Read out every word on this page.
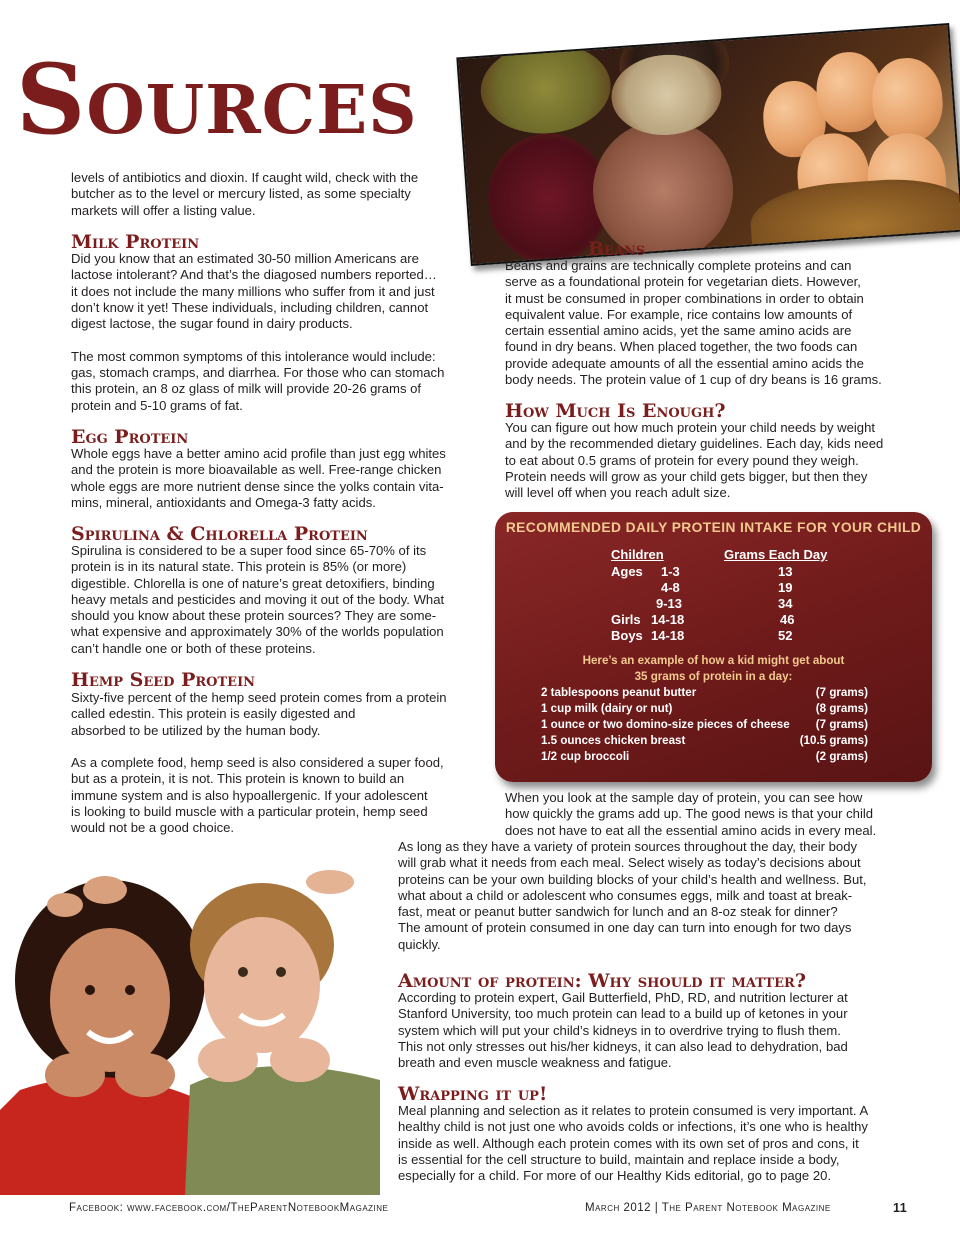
Sources
levels of antibiotics and dioxin. If caught wild, check with the
butcher as to the level or mercury listed, as some specialty
markets will offer a listing value.
Milk Protein
Did you know that an estimated 30-50 million Americans are
lactose intolerant? And that’s the diagosed numbers reported…
it does not include the many millions who suffer from it and just
don’t know it yet! These individuals, including children, cannot
digest lactose, the sugar found in dairy products.

The most common symptoms of this intolerance would include:
gas, stomach cramps, and diarrhea. For those who can stomach
this protein, an 8 oz glass of milk will provide 20-26 grams of
protein and 5-10 grams of fat.
Egg Protein
Whole eggs have a better amino acid profile than just egg whites
and the protein is more bioavailable as well. Free-range chicken
whole eggs are more nutrient dense since the yolks contain vita-
mins, mineral, antioxidants and Omega-3 fatty acids.
Spirulina & Chlorella Protein
Spirulina is considered to be a super food since 65-70% of its
protein is in its natural state. This protein is 85% (or more)
digestible. Chlorella is one of nature’s great detoxifiers, binding
heavy metals and pesticides and moving it out of the body. What
should you know about these protein sources? They are some-
what expensive and approximately 30% of the worlds population
can’t handle one or both of these proteins.
Hemp Seed Protein
Sixty-five percent of the hemp seed protein comes from a protein
called edestin. This protein is easily digested and
absorbed to be utilized by the human body.

As a complete food, hemp seed is also considered a super food,
but as a protein, it is not. This protein is known to build an
immune system and is also hypoallergenic. If your adolescent
is looking to build muscle with a particular protein, hemp seed
would not be a good choice.
Beans
Beans and grains are technically complete proteins and can
serve as a foundational protein for vegetarian diets. However,
it must be consumed in proper combinations in order to obtain
equivalent value. For example, rice contains low amounts of
certain essential amino acids, yet the same amino acids are
found in dry beans. When placed together, the two foods can
provide adequate amounts of all the essential amino acids the
body needs. The protein value of 1 cup of dry beans is 16 grams.
How Much Is Enough?
You can figure out how much protein your child needs by weight
and by the recommended dietary guidelines. Each day, kids need
to eat about 0.5 grams of protein for every pound they weigh.
Protein needs will grow as your child gets bigger, but then they
will level off when you reach adult size.
RECOMMENDED DAILY PROTEIN INTAKE FOR YOUR CHILD
Children	Grams Each Day
Ages 1-3	13
4-8	19
9-13	34
Girls 14-18	46
Boys 14-18	52
Here’s an example of how a kid might get about
35 grams of protein in a day:
2 tablespoons peanut butter	(7 grams)
1 cup milk (dairy or nut)	(8 grams)
1 ounce or two domino-size pieces of cheese (7 grams)
1.5 ounces chicken breast	(10.5 grams)
1/2 cup broccoli	(2 grams)
When you look at the sample day of protein, you can see how
how quickly the grams add up. The good news is that your child
does not have to eat all the essential amino acids in every meal.
As long as they have a variety of protein sources throughout the day, their body
will grab what it needs from each meal. Select wisely as today’s decisions about
proteins can be your own building blocks of your child’s health and wellness. But,
what about a child or adolescent who consumes eggs, milk and toast at break-
fast, meat or peanut butter sandwich for lunch and an 8-oz steak for dinner?
The amount of protein consumed in one day can turn into enough for two days
quickly.
Amount of protein: Why should it matter?
According to protein expert, Gail Butterfield, PhD, RD, and nutrition lecturer at
Stanford University, too much protein can lead to a build up of ketones in your
system which will put your child’s kidneys in to overdrive trying to flush them.
This not only stresses out his/her kidneys, it can also lead to dehydration, bad
breath and even muscle weakness and fatigue.
Wrapping it up!
Meal planning and selection as it relates to protein consumed is very important. A
healthy child is not just one who avoids colds or infections, it’s one who is healthy
inside as well. Although each protein comes with its own set of pros and cons, it
is essential for the cell structure to build, maintain and replace inside a body,
especially for a child. For more of our Healthy Kids editorial, go to page 20.
Facebook: www.facebook.com/TheParentNotebookMagazine	March 2012 | The Parent Notebook Magazine	11
